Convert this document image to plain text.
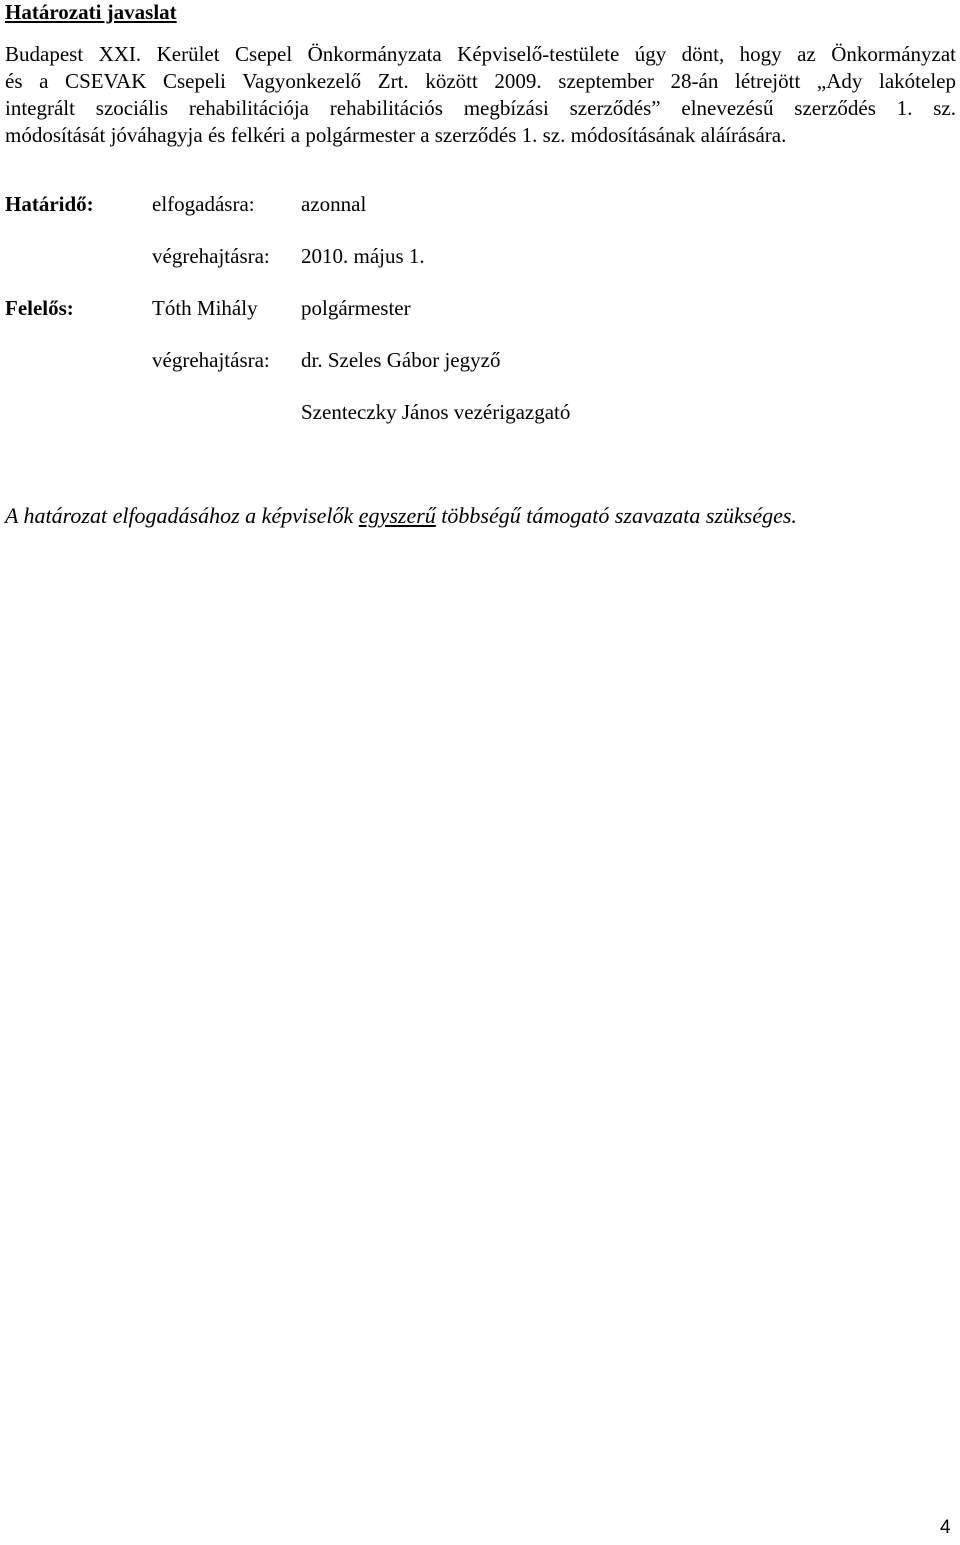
Határozati javaslat
Budapest XXI. Kerület Csepel Önkormányzata Képviselő-testülete úgy dönt, hogy az Önkormányzat
és a CSEVAK Csepeli Vagyonkezelő Zrt. között 2009. szeptember 28-án létrejött „Ady lakótelep
integrált szociális rehabilitációja rehabilitációs megbízási szerződés” elnevezésű szerződés 1. sz.
módosítását jóváhagyja és felkéri a polgármester a szerződés 1. sz. módosításának aláírására.
Határidő:	elfogadásra: azonnal
végrehajtásra: 2010. május 1.
Felelős:	Tóth Mihály polgármester
végrehajtásra: dr. Szeles Gábor jegyző
Szenteczky János vezérigazgató
A határozat elfogadásához a képviselők egyszerű többségű támogató szavazata szükséges.
4
